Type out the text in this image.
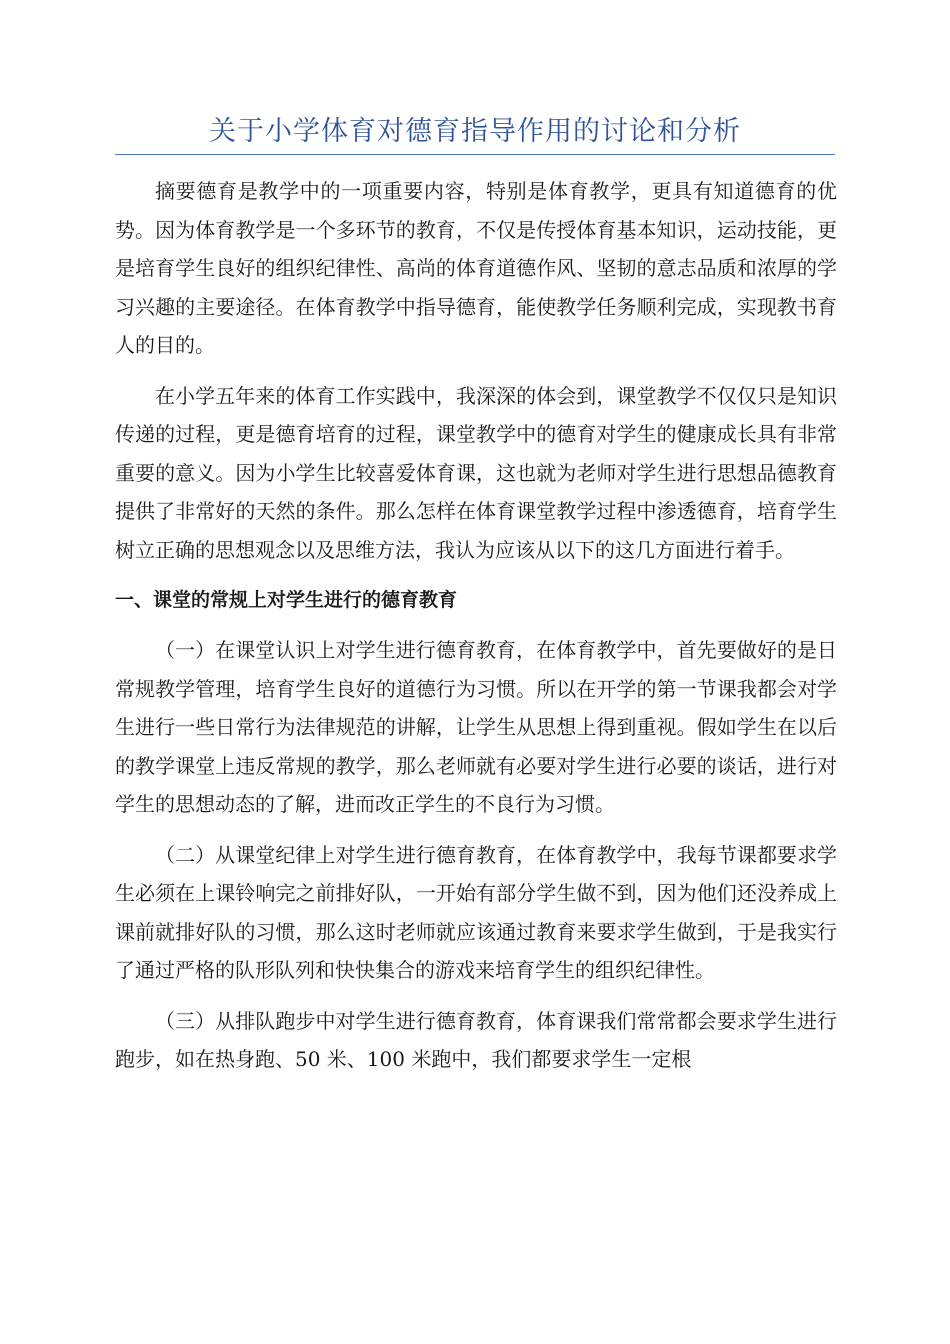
关于小学体育对德育指导作用的讨论和分析

摘要德育是教学中的一项重要内容，特别是体育教学，更具有知道德育的优势。因为体育教学是一个多环节的教育，不仅是传授体育基本知识，运动技能，更是培育学生良好的组织纪律性、高尚的体育道德作风、坚韧的意志品质和浓厚的学习兴趣的主要途径。在体育教学中指导德育，能使教学任务顺利完成，实现教书育人的目的。

在小学五年来的体育工作实践中，我深深的体会到，课堂教学不仅仅只是知识传递的过程，更是德育培育的过程，课堂教学中的德育对学生的健康成长具有非常重要的意义。因为小学生比较喜爱体育课，这也就为老师对学生进行思想品德教育提供了非常好的天然的条件。那么怎样在体育课堂教学过程中渗透德育，培育学生树立正确的思想观念以及思维方法，我认为应该从以下的这几方面进行着手。

一、课堂的常规上对学生进行的德育教育

（一）在课堂认识上对学生进行德育教育，在体育教学中，首先要做好的是日常规教学管理，培育学生良好的道德行为习惯。所以在开学的第一节课我都会对学生进行一些日常行为法律规范的讲解，让学生从思想上得到重视。假如学生在以后的教学课堂上违反常规的教学，那么老师就有必要对学生进行必要的谈话，进行对学生的思想动态的了解，进而改正学生的不良行为习惯。

（二）从课堂纪律上对学生进行德育教育，在体育教学中，我每节课都要求学生必须在上课铃响完之前排好队，一开始有部分学生做不到，因为他们还没养成上课前就排好队的习惯，那么这时老师就应该通过教育来要求学生做到，于是我实行了通过严格的队形队列和快快集合的游戏来培育学生的组织纪律性。

（三）从排队跑步中对学生进行德育教育，体育课我们常常都会要求学生进行跑步，如在热身跑、50 米、100 米跑中，我们都要求学生一定根
